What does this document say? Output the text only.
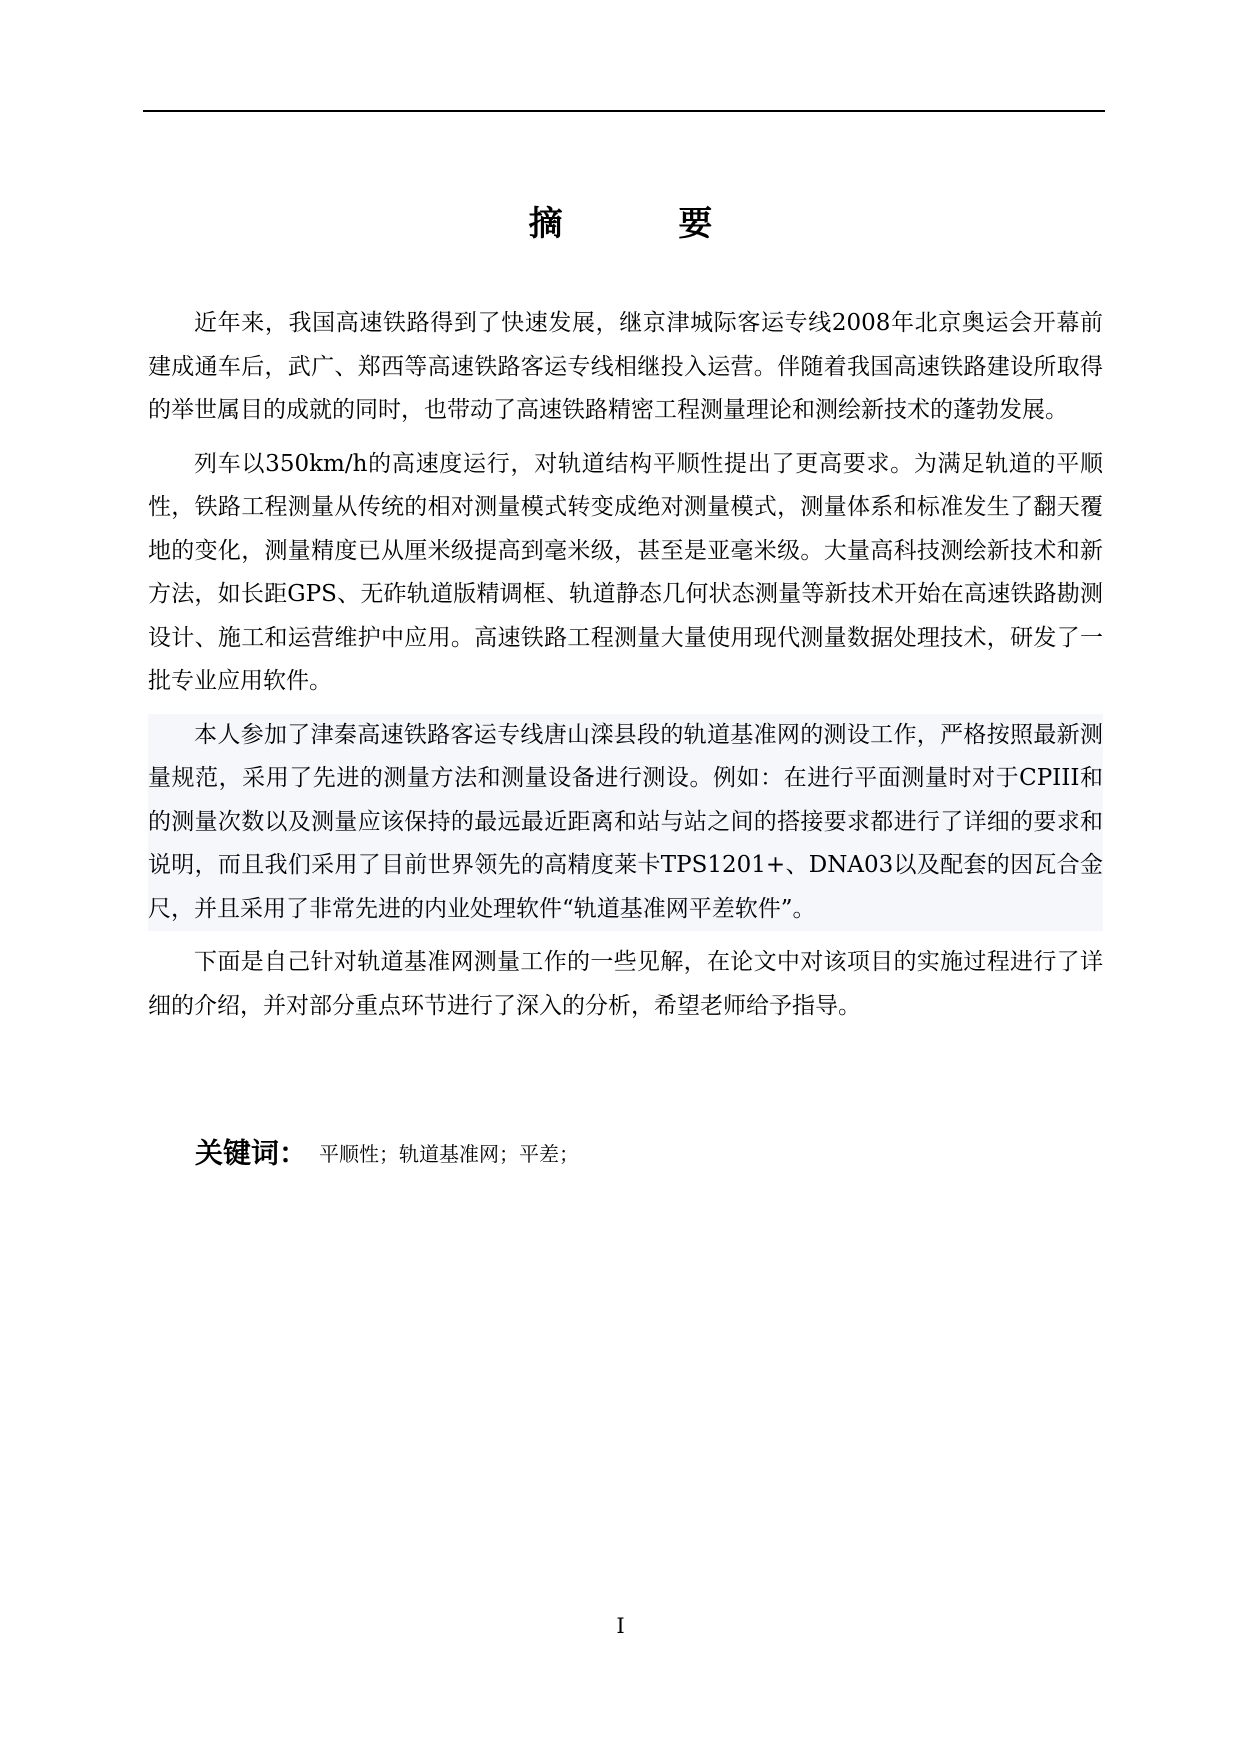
摘 要

近年来，我国高速铁路得到了快速发展，继京津城际客运专线2008年北京奥运会开幕前建成通车后，武广、郑西等高速铁路客运专线相继投入运营。伴随着我国高速铁路建设所取得的举世属目的成就的同时，也带动了高速铁路精密工程测量理论和测绘新技术的蓬勃发展。

列车以350km/h的高速度运行，对轨道结构平顺性提出了更高要求。为满足轨道的平顺性，铁路工程测量从传统的相对测量模式转变成绝对测量模式，测量体系和标准发生了翻天覆地的变化，测量精度已从厘米级提高到毫米级，甚至是亚毫米级。大量高科技测绘新技术和新方法，如长距GPS、无砟轨道版精调框、轨道静态几何状态测量等新技术开始在高速铁路勘测设计、施工和运营维护中应用。高速铁路工程测量大量使用现代测量数据处理技术，研发了一批专业应用软件。

本人参加了津秦高速铁路客运专线唐山滦县段的轨道基准网的测设工作，严格按照最新测量规范，采用了先进的测量方法和测量设备进行测设。例如：在进行平面测量时对于CPIII和的测量次数以及测量应该保持的最远最近距离和站与站之间的搭接要求都进行了详细的要求和说明，而且我们采用了目前世界领先的高精度莱卡TPS1201+、DNA03以及配套的因瓦合金尺，并且采用了非常先进的内业处理软件“轨道基准网平差软件”。

下面是自己针对轨道基准网测量工作的一些见解，在论文中对该项目的实施过程进行了详细的介绍，并对部分重点环节进行了深入的分析，希望老师给予指导。

关键词： 平顺性；轨道基准网；平差；
I
